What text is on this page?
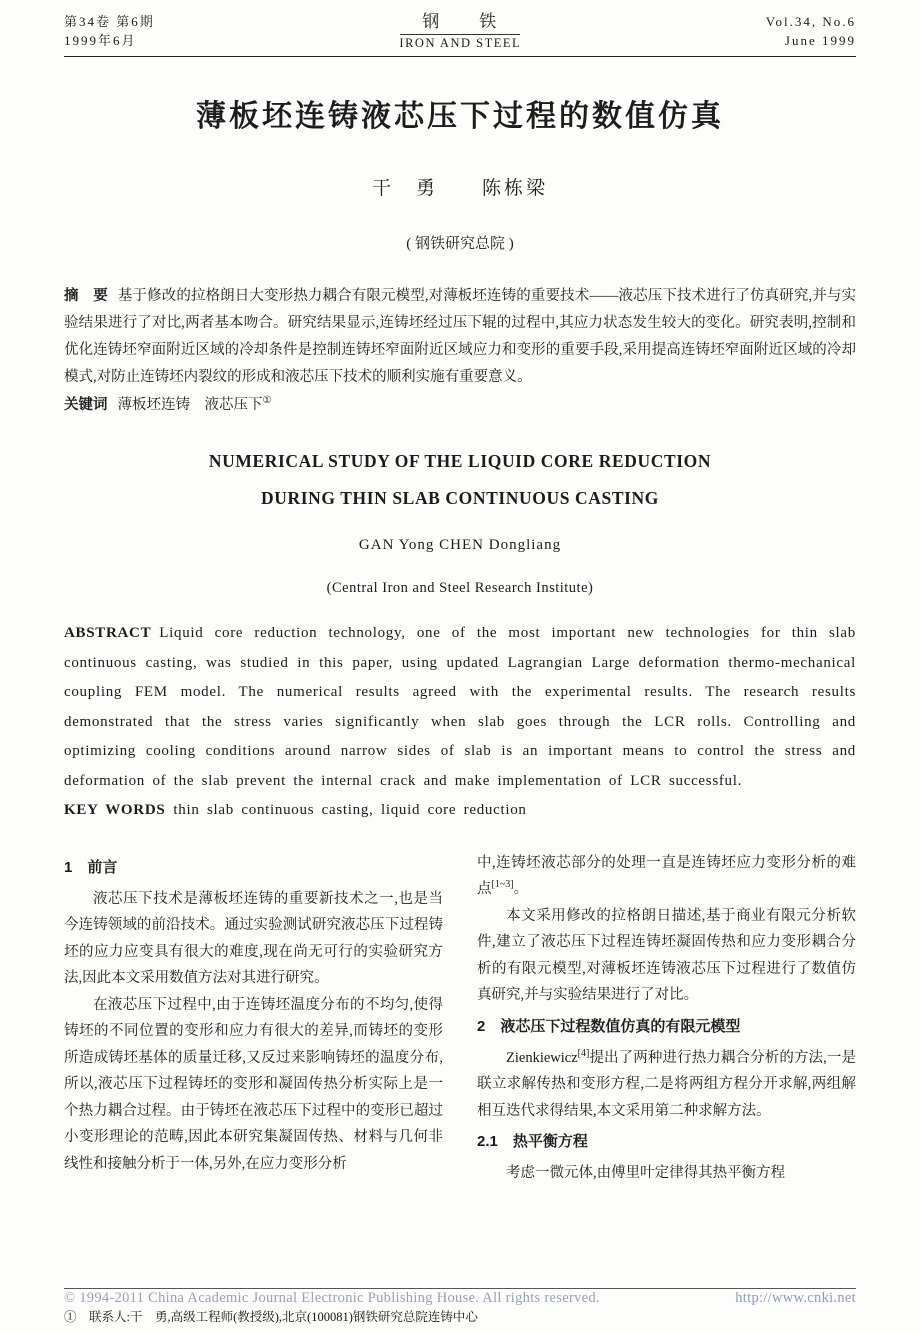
第34卷 第6期
1999年6月
钢　　铁
IRON AND STEEL
Vol.34, No.6
June 1999
薄板坯连铸液芯压下过程的数值仿真
干　勇　　陈栋梁
( 钢铁研究总院 )
摘　要 基于修改的拉格朗日大变形热力耦合有限元模型,对薄板坯连铸的重要技术——液芯压下技术进行了仿真研究,并与实验结果进行了对比,两者基本吻合。研究结果显示,连铸坯经过压下辊的过程中,其应力状态发生较大的变化。研究表明,控制和优化连铸坯窄面附近区域的冷却条件是控制连铸坯窄面附近区域应力和变形的重要手段,采用提高连铸坯窄面附近区域的冷却模式,对防止连铸坯内裂纹的形成和液芯压下技术的顺利实施有重要意义。
关键词 薄板坯连铸　液芯压下①
NUMERICAL STUDY OF THE LIQUID CORE REDUCTION
DURING THIN SLAB CONTINUOUS CASTING
GAN Yong CHEN Dongliang
(Central Iron and Steel Research Institute)
ABSTRACT Liquid core reduction technology, one of the most important new technologies for thin slab continuous casting, was studied in this paper, using updated Lagrangian Large deformation thermo-mechanical coupling FEM model. The numerical results agreed with the experimental results. The research results demonstrated that the stress varies significantly when slab goes through the LCR rolls. Controlling and optimizing cooling conditions around narrow sides of slab is an important means to control the stress and deformation of the slab prevent the internal crack and make implementation of LCR successful.
KEY WORDS thin slab continuous casting, liquid core reduction
1　前言

液芯压下技术是薄板坯连铸的重要新技术之一,也是当今连铸领域的前沿技术。通过实验测试研究液芯压下过程铸坯的应力应变具有很大的难度,现在尚无可行的实验研究方法,因此本文采用数值方法对其进行研究。

在液芯压下过程中,由于连铸坯温度分布的不均匀,使得铸坯的不同位置的变形和应力有很大的差异,而铸坯的变形所造成铸坯基体的质量迁移,又反过来影响铸坯的温度分布,所以,液芯压下过程铸坯的变形和凝固传热分析实际上是一个热力耦合过程。由于铸坯在液芯压下过程中的变形已超过小变形理论的范畴,因此本研究集凝固传热、材料与几何非线性和接触分析于一体,另外,在应力变形分析

中,连铸坯液芯部分的处理一直是连铸坯应力变形分析的难点[1~3]。

本文采用修改的拉格朗日描述,基于商业有限元分析软件,建立了液芯压下过程连铸坯凝固传热和应力变形耦合分析的有限元模型,对薄板坯连铸液芯压下过程进行了数值仿真研究,并与实验结果进行了对比。

2　液芯压下过程数值仿真的有限元模型

Zienkiewicz[4]提出了两种进行热力耦合分析的方法,一是联立求解传热和变形方程,二是将两组方程分开求解,两组解相互迭代求得结果,本文采用第二种求解方法。

2.1　热平衡方程

考虑一微元体,由傅里叶定律得其热平衡方程

© 1994-2011 China Academic Journal Electronic Publishing House. All rights reserved.	http://www.cnki.net
①　联系人:干　勇,高级工程师(教授级),北京(100081)钢铁研究总院连铸中心
